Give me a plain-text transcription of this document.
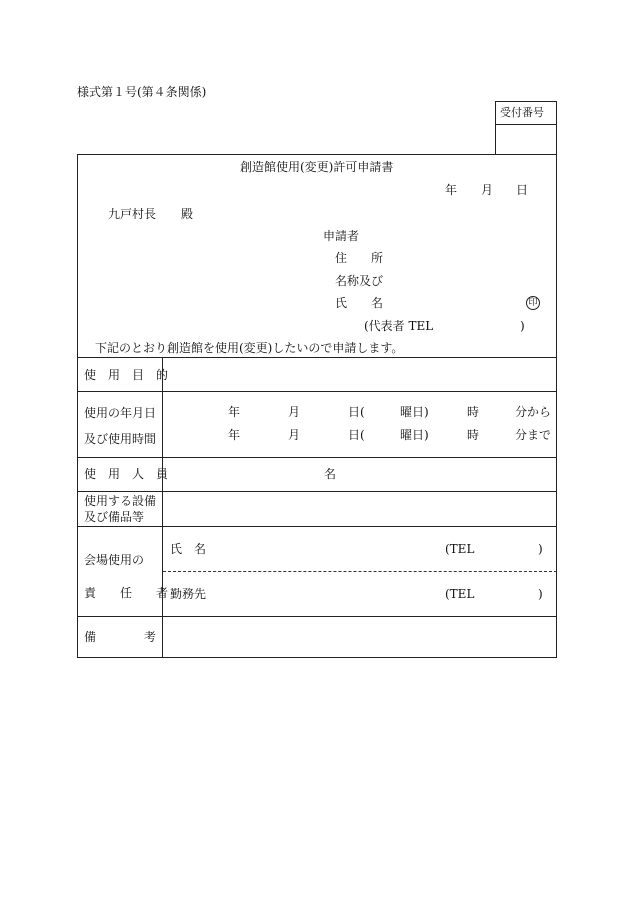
様式第１号(第４条関係)
受付番号
創造館使用(変更)許可申請書
年 月 日
九戸村長 殿
申請者
住　　所
名称及び
氏　　名	印
(代表者 TEL	)
下記のとおり創造館を使用(変更)したいので申請します。
使　用　目　的
使用の年月日
及び使用時間
年	月	日(	曜日)	時	分から
年	月	日(	曜日)	時	分まで
使　用　人　員	名
使用する設備
及び備品等
会場使用の
責　　任　　者
氏　名	(TEL	)
勤務先	(TEL	)
備　　　　考
